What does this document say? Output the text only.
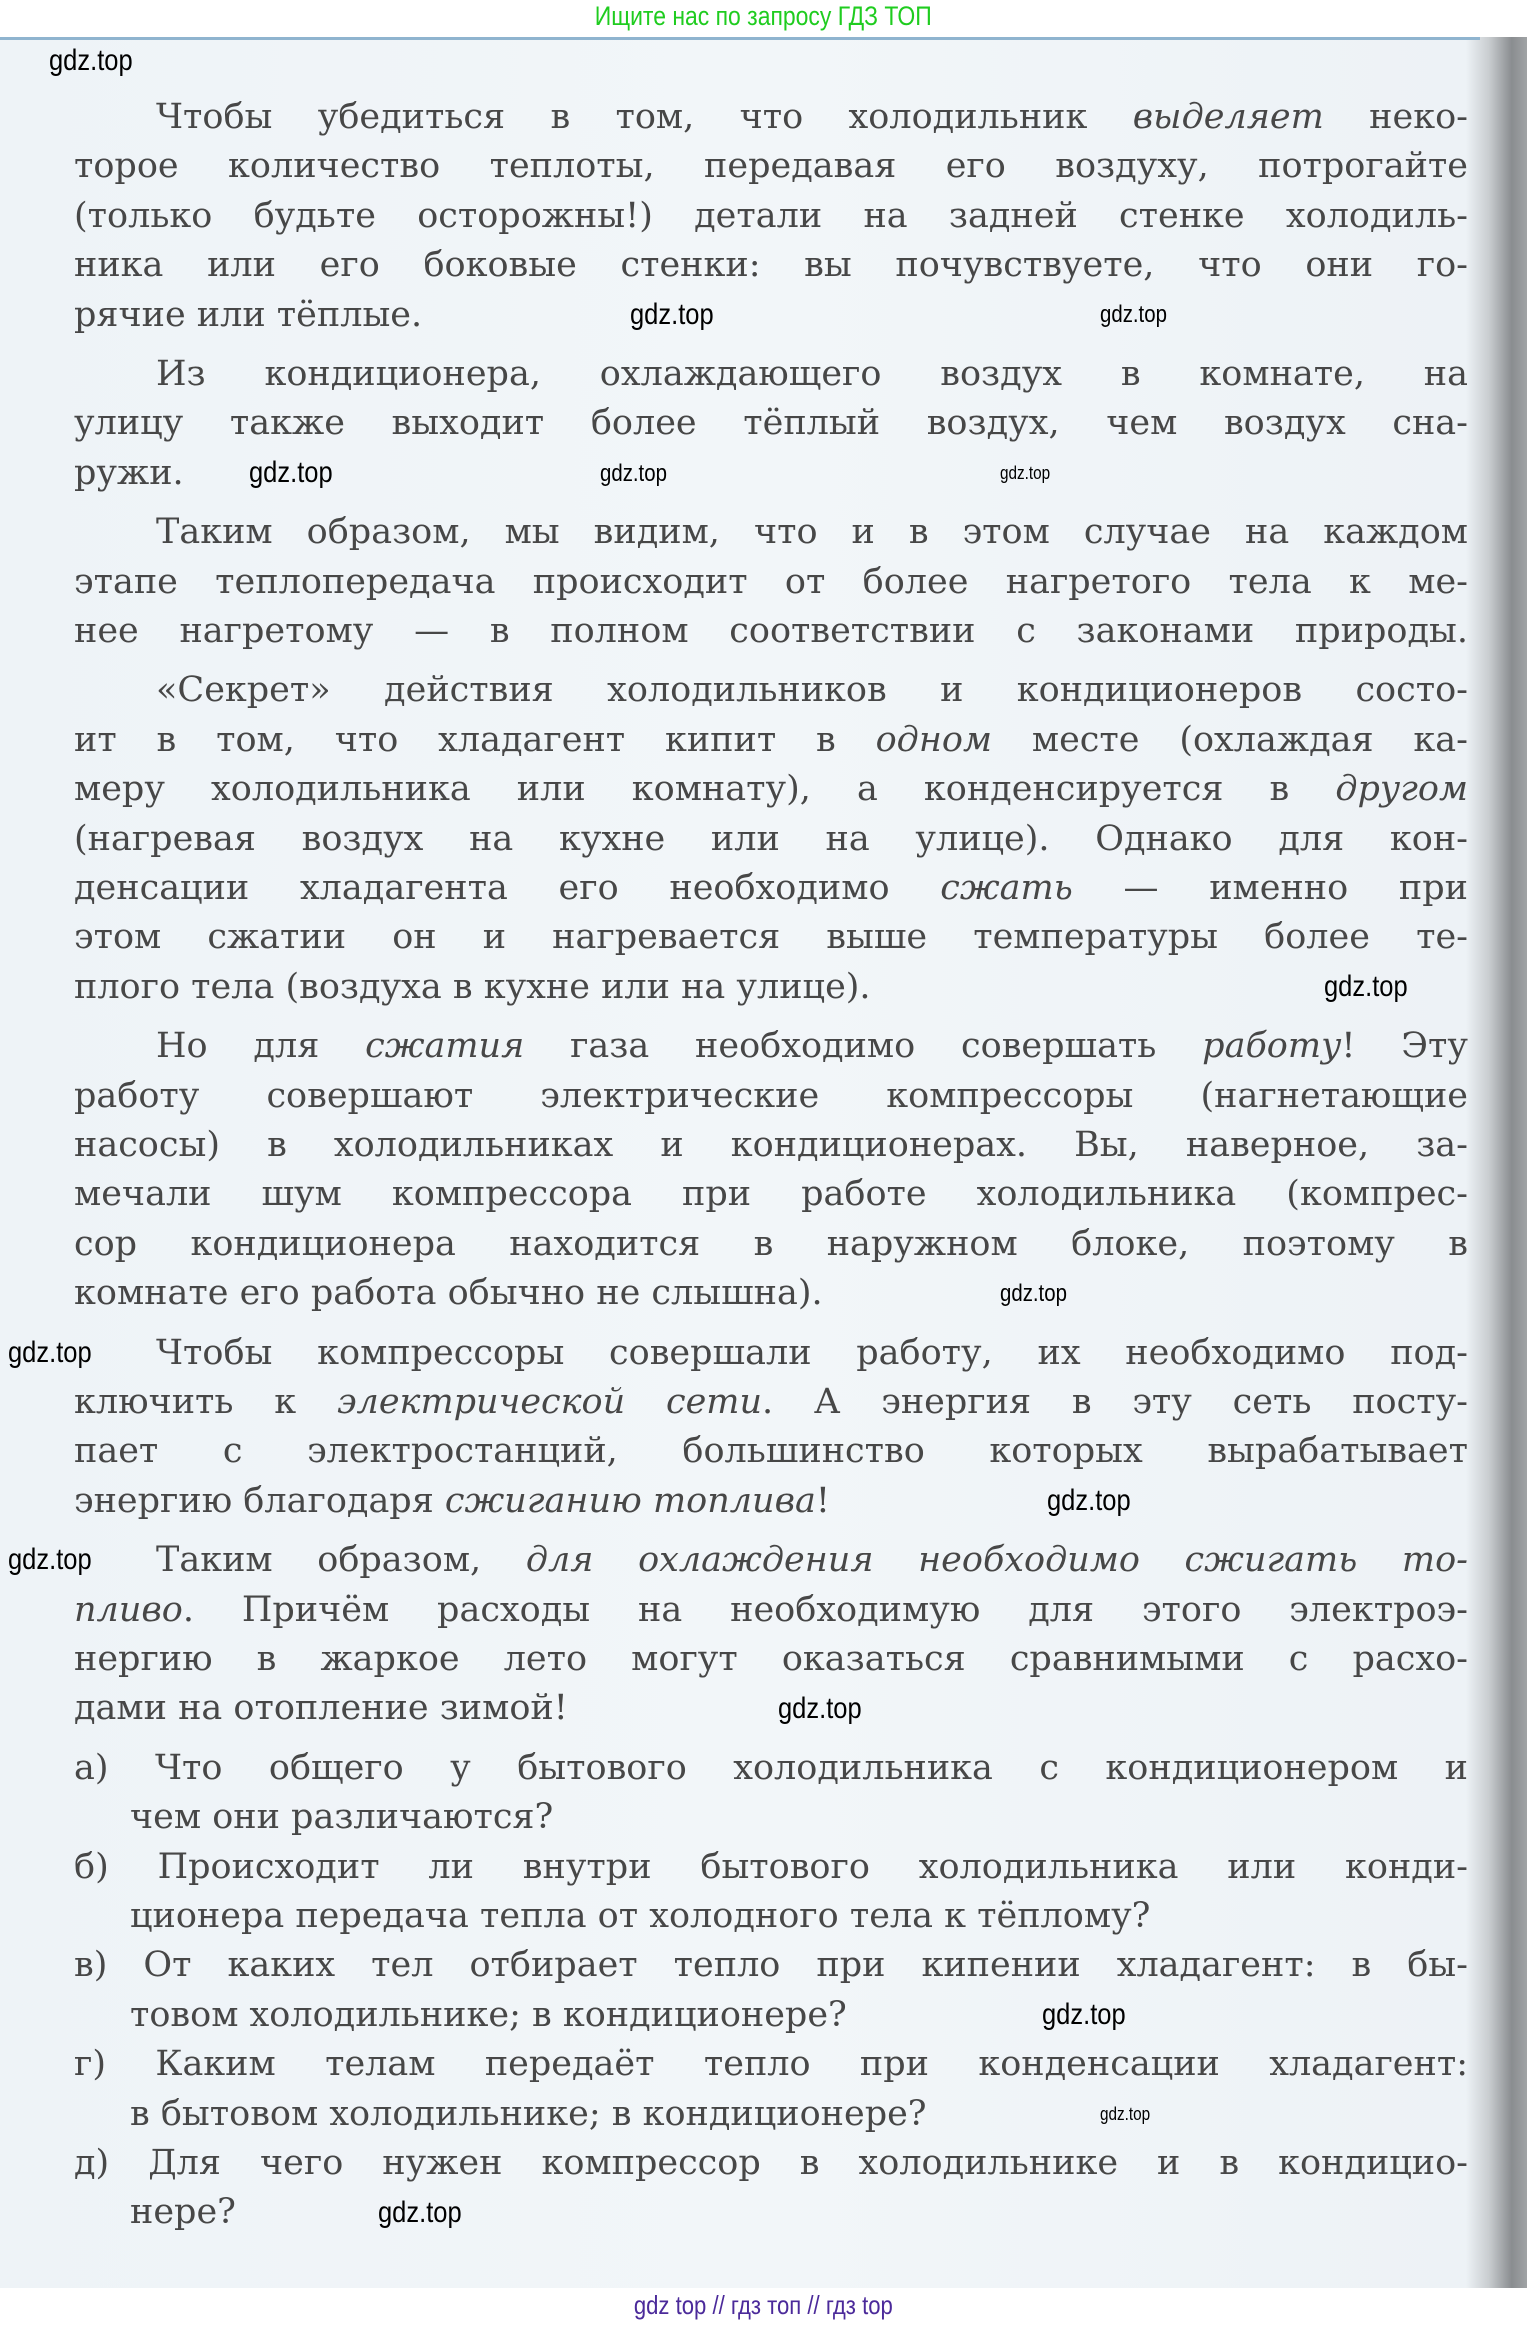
Ищите нас по запросу ГДЗ ТОП
Чтобы убедиться в том, что холодильник выделяет неко-
торое количество теплоты, передавая его воздуху, потрогайте
(только будьте осторожны!) детали на задней стенке холодиль-
ника или его боковые стенки: вы почувствуете, что они го-
рячие или тёплые.
Из кондиционера, охлаждающего воздух в комнате, на
улицу также выходит более тёплый воздух, чем воздух сна-
ружи.
Таким образом, мы видим, что и в этом случае на каждом
этапе теплопередача происходит от более нагретого тела к ме-
нее нагретому — в полном соответствии с законами природы.
«Секрет» действия холодильников и кондиционеров состо-
ит в том, что хладагент кипит в одном месте (охлаждая ка-
меру холодильника или комнату), а конденсируется в другом
(нагревая воздух на кухне или на улице). Однако для кон-
денсации хладагента его необходимо сжать — именно при
этом сжатии он и нагревается выше температуры более те-
плого тела (воздуха в кухне или на улице).
Но для сжатия газа необходимо совершать работу! Эту
работу совершают электрические компрессоры (нагнетающие
насосы) в холодильниках и кондиционерах. Вы, наверное, за-
мечали шум компрессора при работе холодильника (компрес-
сор кондиционера находится в наружном блоке, поэтому в
комнате его работа обычно не слышна).
Чтобы компрессоры совершали работу, их необходимо под-
ключить к электрической сети. А энергия в эту сеть посту-
пает с электростанций, большинство которых вырабатывает
энергию благодаря сжиганию топлива!
Таким образом, для охлаждения необходимо сжигать то-
пливо. Причём расходы на необходимую для этого электроэ-
нергию в жаркое лето могут оказаться сравнимыми с расхо-
дами на отопление зимой!
а) Что общего у бытового холодильника с кондиционером и
чем они различаются?
б) Происходит ли внутри бытового холодильника или конди-
ционера передача тепла от холодного тела к тёплому?
в) От каких тел отбирает тепло при кипении хладагент: в бы-
товом холодильнике; в кондиционере?
г) Каким телам передаёт тепло при конденсации хладагент:
в бытовом холодильнике; в кондиционере?
д) Для чего нужен компрессор в холодильнике и в кондицио-
нере?
gdz.top
gdz.top	gdz.top
gdz.top	gdz.top
gdz.top
gdz.top
gdz.top
gdz.top
gdz.top
gdz.top
gdz.top
gdz.top
gdz.top
gdz.top
gdz top // гдз топ // гдз top
